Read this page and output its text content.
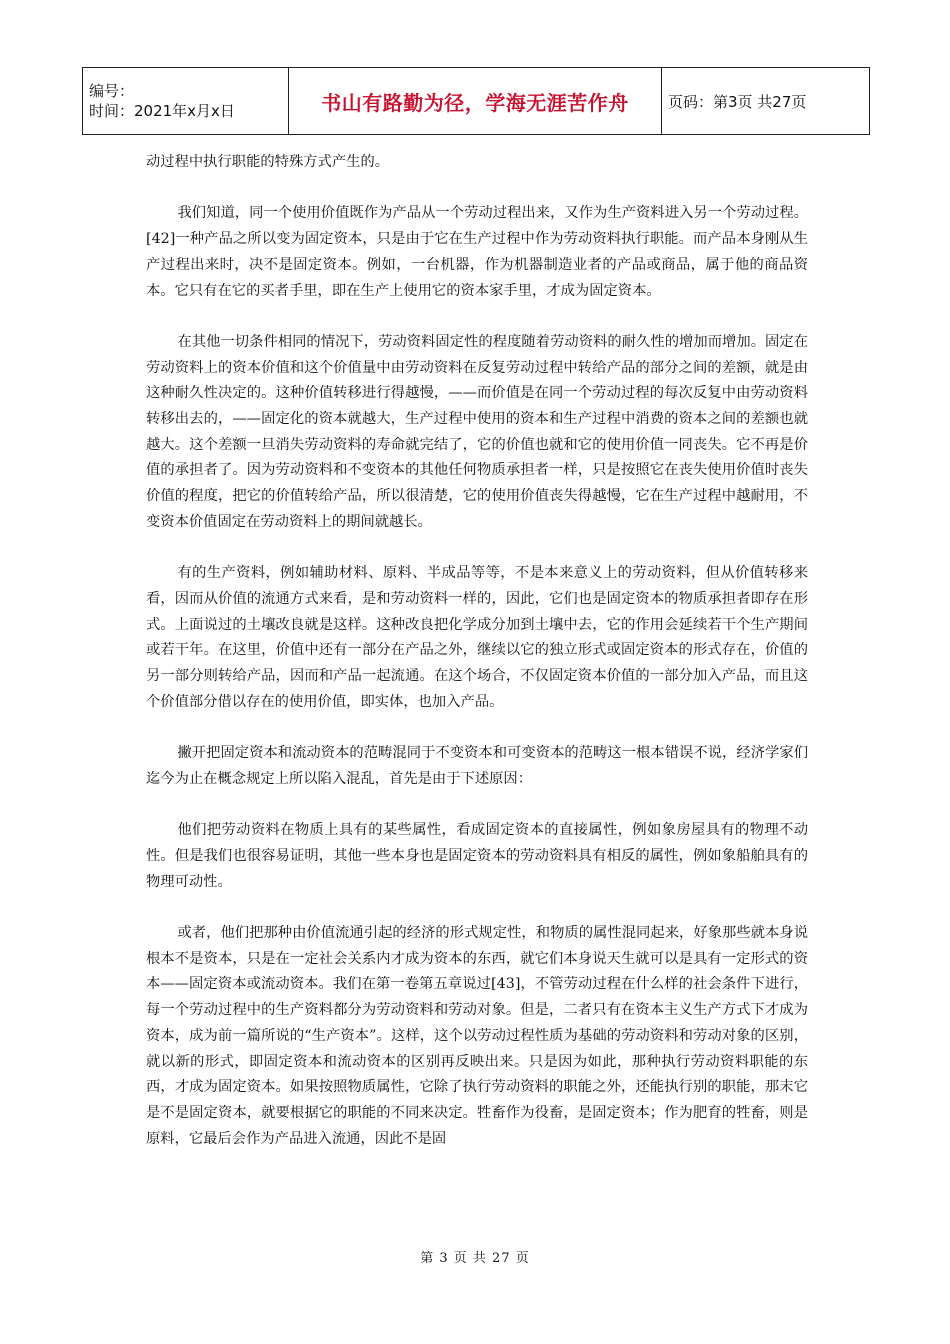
编号：
时间：2021年x月x日	书山有路勤为径，学海无涯苦作舟	页码：第3页 共27页

动过程中执行职能的特殊方式产生的。

我们知道，同一个使用价值既作为产品从一个劳动过程出来，又作为生产资料进入另一个劳动过程。[42]一种产品之所以变为固定资本，只是由于它在生产过程中作为劳动资料执行职能。而产品本身刚从生产过程出来时，决不是固定资本。例如，一台机器，作为机器制造业者的产品或商品，属于他的商品资本。它只有在它的买者手里，即在生产上使用它的资本家手里，才成为固定资本。

在其他一切条件相同的情况下，劳动资料固定性的程度随着劳动资料的耐久性的增加而增加。固定在劳动资料上的资本价值和这个价值量中由劳动资料在反复劳动过程中转给产品的部分之间的差额，就是由这种耐久性决定的。这种价值转移进行得越慢，——而价值是在同一个劳动过程的每次反复中由劳动资料转移出去的，——固定化的资本就越大，生产过程中使用的资本和生产过程中消费的资本之间的差额也就越大。这个差额一旦消失劳动资料的寿命就完结了，它的价值也就和它的使用价值一同丧失。它不再是价值的承担者了。因为劳动资料和不变资本的其他任何物质承担者一样，只是按照它在丧失使用价值时丧失价值的程度，把它的价值转给产品，所以很清楚，它的使用价值丧失得越慢，它在生产过程中越耐用，不变资本价值固定在劳动资料上的期间就越长。

有的生产资料，例如辅助材料、原料、半成品等等，不是本来意义上的劳动资料，但从价值转移来看，因而从价值的流通方式来看，是和劳动资料一样的，因此，它们也是固定资本的物质承担者即存在形式。上面说过的土壤改良就是这样。这种改良把化学成分加到土壤中去，它的作用会延续若干个生产期间或若干年。在这里，价值中还有一部分在产品之外，继续以它的独立形式或固定资本的形式存在，价值的另一部分则转给产品，因而和产品一起流通。在这个场合，不仅固定资本价值的一部分加入产品，而且这个价值部分借以存在的使用价值，即实体，也加入产品。

撇开把固定资本和流动资本的范畴混同于不变资本和可变资本的范畴这一根本错误不说，经济学家们迄今为止在概念规定上所以陷入混乱，首先是由于下述原因：

他们把劳动资料在物质上具有的某些属性，看成固定资本的直接属性，例如象房屋具有的物理不动性。但是我们也很容易证明，其他一些本身也是固定资本的劳动资料具有相反的属性，例如象船舶具有的物理可动性。

或者，他们把那种由价值流通引起的经济的形式规定性，和物质的属性混同起来，好象那些就本身说根本不是资本，只是在一定社会关系内才成为资本的东西，就它们本身说天生就可以是具有一定形式的资本——固定资本或流动资本。我们在第一卷第五章说过[43]，不管劳动过程在什么样的社会条件下进行，每一个劳动过程中的生产资料都分为劳动资料和劳动对象。但是，二者只有在资本主义生产方式下才成为资本，成为前一篇所说的“生产资本”。这样，这个以劳动过程性质为基础的劳动资料和劳动对象的区别，就以新的形式，即固定资本和流动资本的区别再反映出来。只是因为如此，那种执行劳动资料职能的东西，才成为固定资本。如果按照物质属性，它除了执行劳动资料的职能之外，还能执行别的职能，那末它是不是固定资本，就要根据它的职能的不同来决定。牲畜作为役畜，是固定资本；作为肥育的牲畜，则是原料，它最后会作为产品进入流通，因此不是固

第 3 页 共 27 页
